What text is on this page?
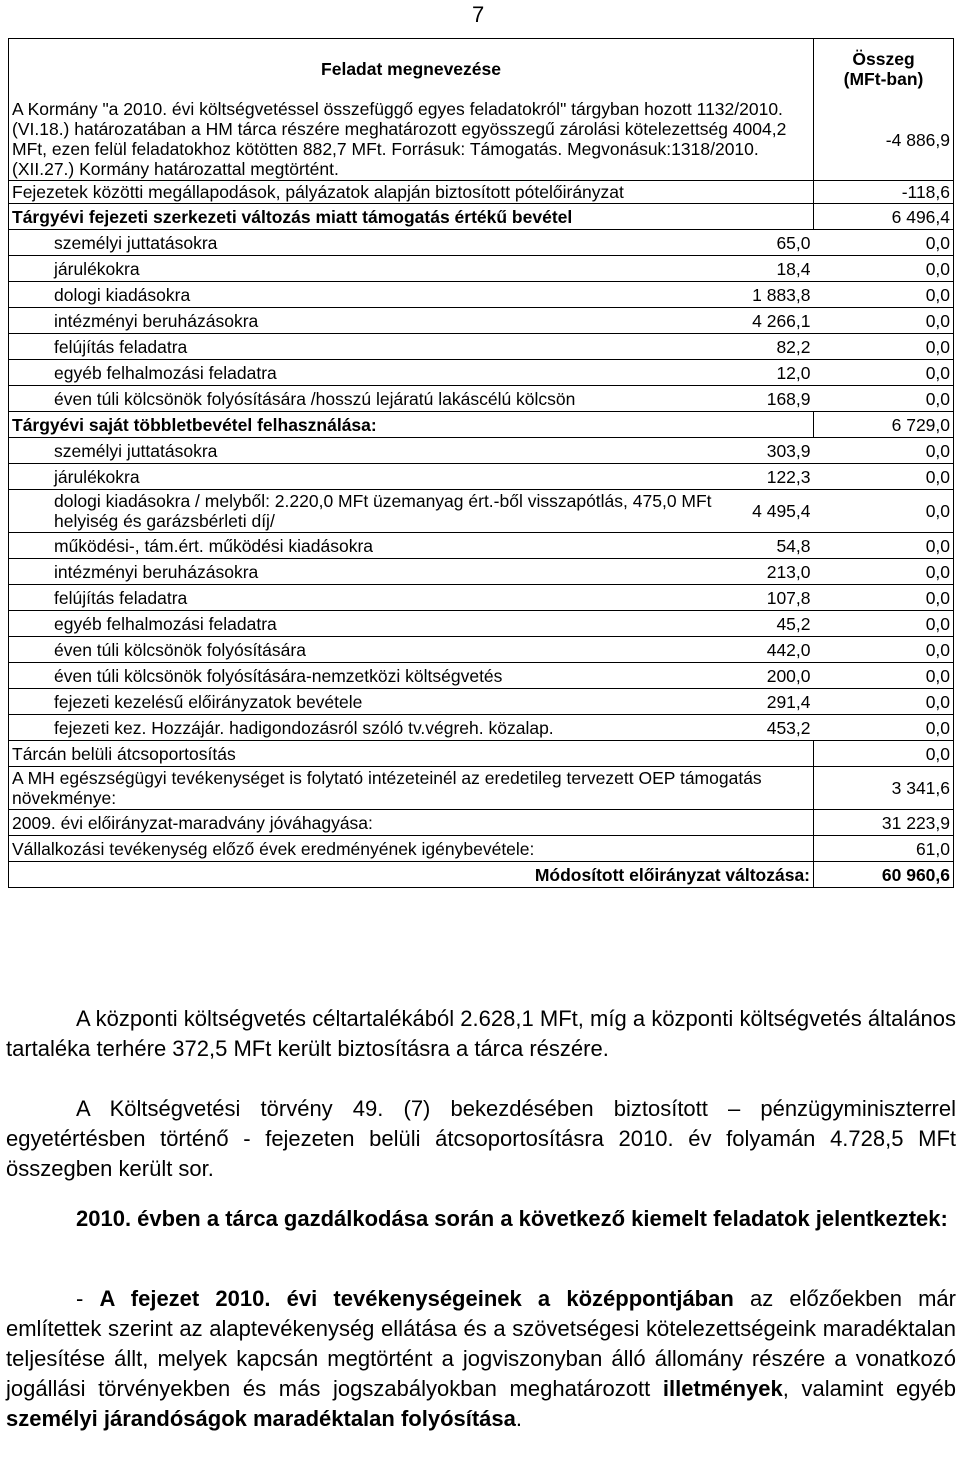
7
Feladat megnevezése		Összeg
(MFt-ban)
A Kormány "a 2010. évi költségvetéssel összefüggő egyes feladatokról" tárgyban hozott 1132/2010.(VI.18.) határozatában a HM tárca részére meghatározott egyösszegű zárolási kötelezettség 4004,2 MFt, ezen felül feladatokhoz kötötten 882,7 MFt. Forrásuk: Támogatás. Megvonásuk:1318/2010.(XII.27.) Kormány határozattal megtörtént.		-4 886,9
Fejezetek közötti megállapodások, pályázatok alapján biztosított pótelőirányzat		-118,6
Tárgyévi fejezeti szerkezeti változás miatt támogatás értékű bevétel		6 496,4
személyi juttatásokra	65,0	0,0
járulékokra	18,4	0,0
dologi kiadásokra	1 883,8	0,0
intézményi beruházásokra	4 266,1	0,0
felújítás feladatra	82,2	0,0
egyéb felhalmozási feladatra	12,0	0,0
éven túli kölcsönök folyósítására /hosszú lejáratú lakáscélú kölcsön	168,9	0,0
Tárgyévi saját többletbevétel felhasználása:		6 729,0
személyi juttatásokra	303,9	0,0
járulékokra	122,3	0,0
dologi kiadásokra / melyből: 2.220,0 MFt üzemanyag ért.-ből visszapótlás, 475,0 MFt helyiség és garázsbérleti díj/	4 495,4	0,0
működési-, tám.ért. működési kiadásokra	54,8	0,0
intézményi beruházásokra	213,0	0,0
felújítás feladatra	107,8	0,0
egyéb felhalmozási feladatra	45,2	0,0
éven túli kölcsönök folyósítására	442,0	0,0
éven túli kölcsönök folyósítására-nemzetközi költségvetés	200,0	0,0
fejezeti kezelésű előirányzatok bevétele	291,4	0,0
fejezeti kez. Hozzájár. hadigondozásról szóló tv.végreh. közalap.	453,2	0,0
Tárcán belüli átcsoportosítás		0,0
A MH egészségügyi tevékenységet is folytató intézeteinél az eredetileg tervezett OEP támogatás növekménye:		3 341,6
2009. évi előirányzat-maradvány jóváhagyása:		31 223,9
Vállalkozási tevékenység előző évek eredményének igénybevétele:		61,0
Módosított előirányzat változása:		60 960,6
A központi költségvetés céltartalékából 2.628,1 MFt, míg a központi költségvetés általános tartaléka terhére 372,5 MFt került biztosításra a tárca részére.
A Költségvetési törvény 49. (7) bekezdésében biztosított – pénzügyminiszterrel egyetértésben történő - fejezeten belüli átcsoportosításra 2010. év folyamán 4.728,5 MFt összegben került sor.
2010. évben a tárca gazdálkodása során a következő kiemelt feladatok jelentkeztek:
- A fejezet 2010. évi tevékenységeinek a középpontjában az előzőekben már említettek szerint az alaptevékenység ellátása és a szövetségesi kötelezettségeink maradéktalan teljesítése állt, melyek kapcsán megtörtént a jogviszonyban álló állomány részére a vonatkozó jogállási törvényekben és más jogszabályokban meghatározott illetmények, valamint egyéb személyi járandóságok maradéktalan folyósítása.
